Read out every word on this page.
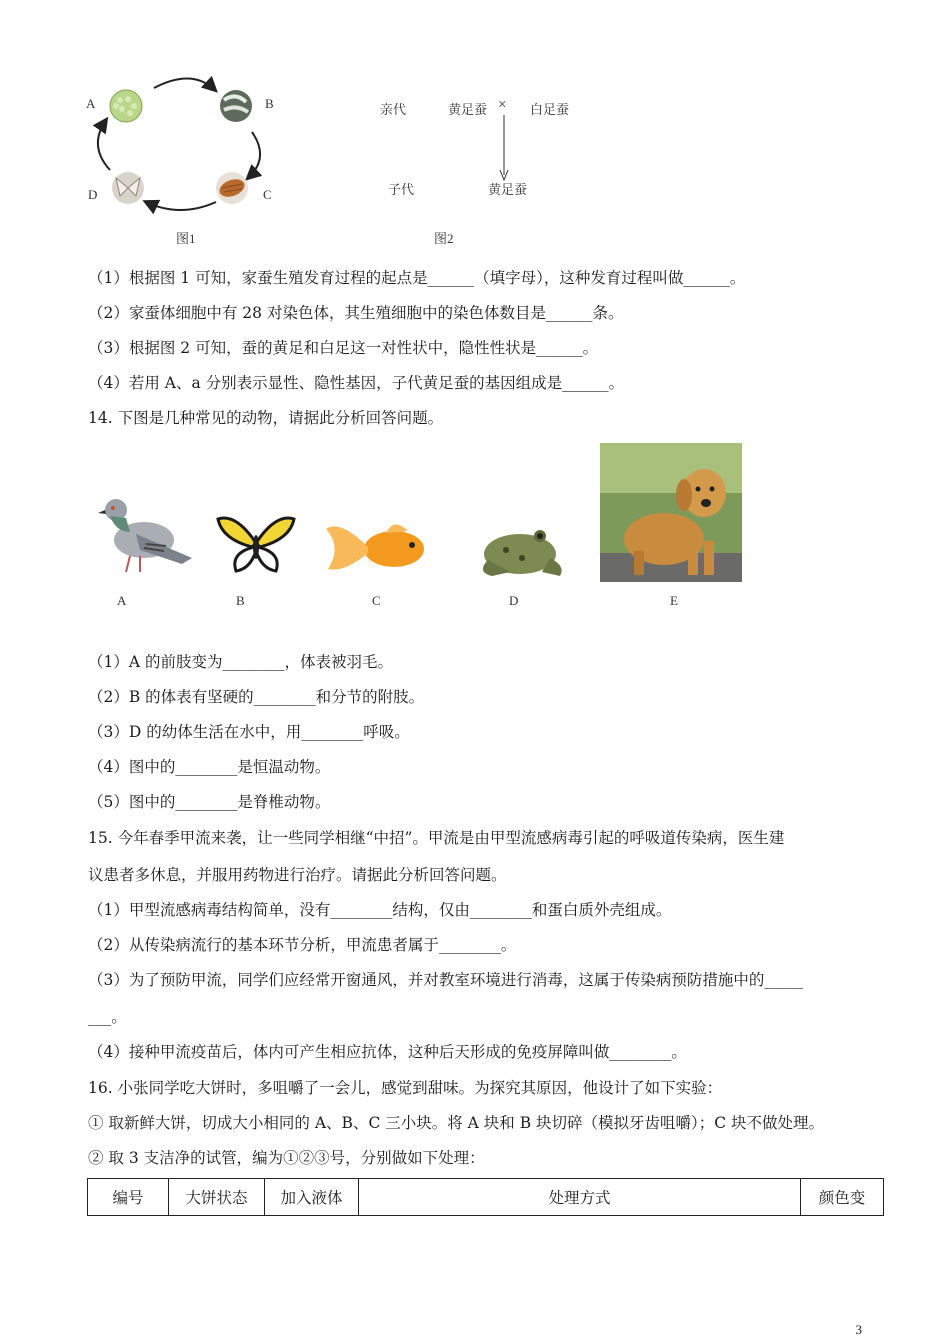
A	B
C
D
图1
亲代	黄足蚕 × 白足蚕
子代	黄足蚕
图2
（1）根据图 1 可知，家蚕生殖发育过程的起点是______（填字母），这种发育过程叫做______。
（2）家蚕体细胞中有 28 对染色体，其生殖细胞中的染色体数目是______条。
（3）根据图 2 可知，蚕的黄足和白足这一对性状中，隐性性状是______。
（4）若用 A、a 分别表示显性、隐性基因，子代黄足蚕的基因组成是______。
14. 下图是几种常见的动物，请据此分析回答问题。
A	B	C	D	E
（1）A 的前肢变为________，体表被羽毛。
（2）B 的体表有坚硬的________和分节的附肢。
（3）D 的幼体生活在水中，用________呼吸。
（4）图中的________是恒温动物。
（5）图中的________是脊椎动物。
15. 今年春季甲流来袭，让一些同学相继“中招”。甲流是由甲型流感病毒引起的呼吸道传染病，医生建
议患者多休息，并服用药物进行治疗。请据此分析回答问题。
（1）甲型流感病毒结构简单，没有________结构，仅由________和蛋白质外壳组成。
（2）从传染病流行的基本环节分析，甲流患者属于________。
（3）为了预防甲流，同学们应经常开窗通风，并对教室环境进行消毒，这属于传染病预防措施中的_____
___。
（4）接种甲流疫苗后，体内可产生相应抗体，这种后天形成的免疫屏障叫做________。
16. 小张同学吃大饼时，多咀嚼了一会儿，感觉到甜味。为探究其原因，他设计了如下实验：
① 取新鲜大饼，切成大小相同的 A、B、C 三小块。将 A 块和 B 块切碎（模拟牙齿咀嚼）；C 块不做处理。
② 取 3 支洁净的试管，编为①②③号，分别做如下处理：
编号	大饼状态	加入液体	处理方式	颜色变
3
